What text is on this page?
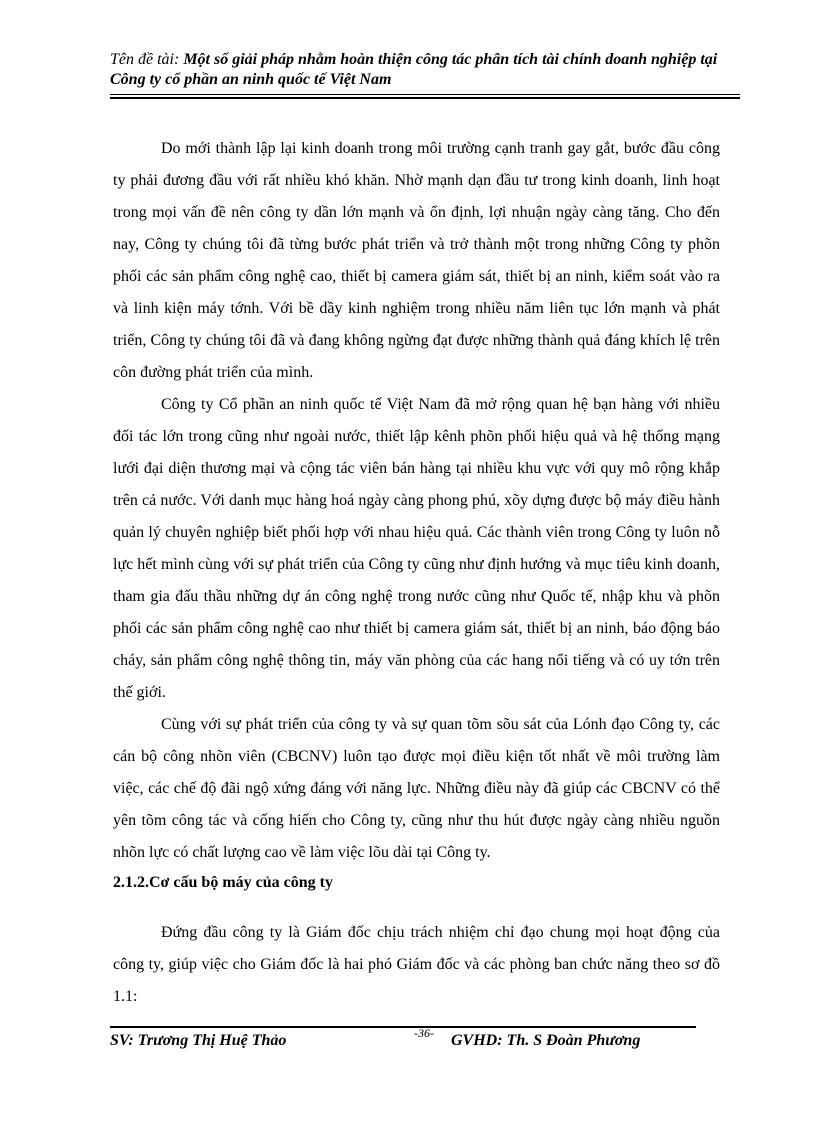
Tên đề tài: Một số giải pháp nhằm hoàn thiện công tác phân tích tài chính doanh nghiệp tại Công ty cổ phần an ninh quốc tế Việt Nam

Do mới thành lập lại kinh doanh trong môi trường cạnh tranh gay gắt, bước đầu công ty phải đương đầu với rất nhiều khó khăn. Nhờ mạnh dạn đầu tư trong kinh doanh, linh hoạt trong mọi vấn đề nên công ty dần lớn mạnh và ổn định, lợi nhuận ngày càng tăng. Cho đến nay, Công ty chúng tôi đã từng bước phát triển và trở thành một trong những Công ty phõn phối các sản phẩm công nghệ cao, thiết bị camera giám sát, thiết bị an ninh, kiểm soát vào ra và linh kiện máy tớnh. Với bề dầy kinh nghiệm trong nhiều năm liên tục lớn mạnh và phát triển, Công ty chúng tôi đã và đang không ngừng đạt được những thành quả đáng khích lệ trên côn đường phát triển của mình.

Công ty Cổ phần an ninh quốc tế Việt Nam đã mở rộng quan hệ bạn hàng với nhiều đối tác lớn trong cũng như ngoài nước, thiết lập kênh phõn phối hiệu quả và hệ thống mạng lưới đại diện thương mại và cộng tác viên bán hàng tại nhiều khu vực với quy mô rộng khắp trên cả nước. Với danh mục hàng hoá ngày càng phong phú, xõy dựng được bộ máy điều hành quản lý chuyên nghiệp biết phối hợp với nhau hiệu quả. Các thành viên trong Công ty luôn nỗ lực hết mình cùng với sự phát triển của Công ty cũng như định hướng và mục tiêu kinh doanh, tham gia đấu thầu những dự án công nghệ trong nước cũng như Quốc tế, nhập khu và phõn phối các sản phẩm công nghệ cao như thiết bị camera giám sát, thiết bị an ninh, báo động báo cháy, sản phẩm công nghệ thông tin, máy văn phòng của các hang nổi tiếng và có uy tớn trên thế giới.

Cùng với sự phát triển của công ty và sự quan tõm sõu sát của Lónh đạo Công ty, các cán bộ công nhõn viên (CBCNV) luôn tạo được mọi điều kiện tốt nhất về môi trường làm việc, các chế độ đãi ngộ xứng đáng với năng lực. Những điều này đã giúp các CBCNV có thể yên tõm công tác và cống hiến cho Công ty, cũng như thu hút được ngày càng nhiều nguồn nhõn lực có chất lượng cao về làm việc lõu dài tại Công ty.

2.1.2.Cơ cấu bộ máy của công ty

Đứng đầu công ty là Giám đốc chịu trách nhiệm chỉ đạo chung mọi hoạt động của công ty, giúp việc cho Giám đốc là hai phó Giám đốc và các phòng ban chức năng theo sơ đồ 1.1:

SV: Trương Thị Huệ Thảo	-36- GVHD: Th. S Đoàn Phương
